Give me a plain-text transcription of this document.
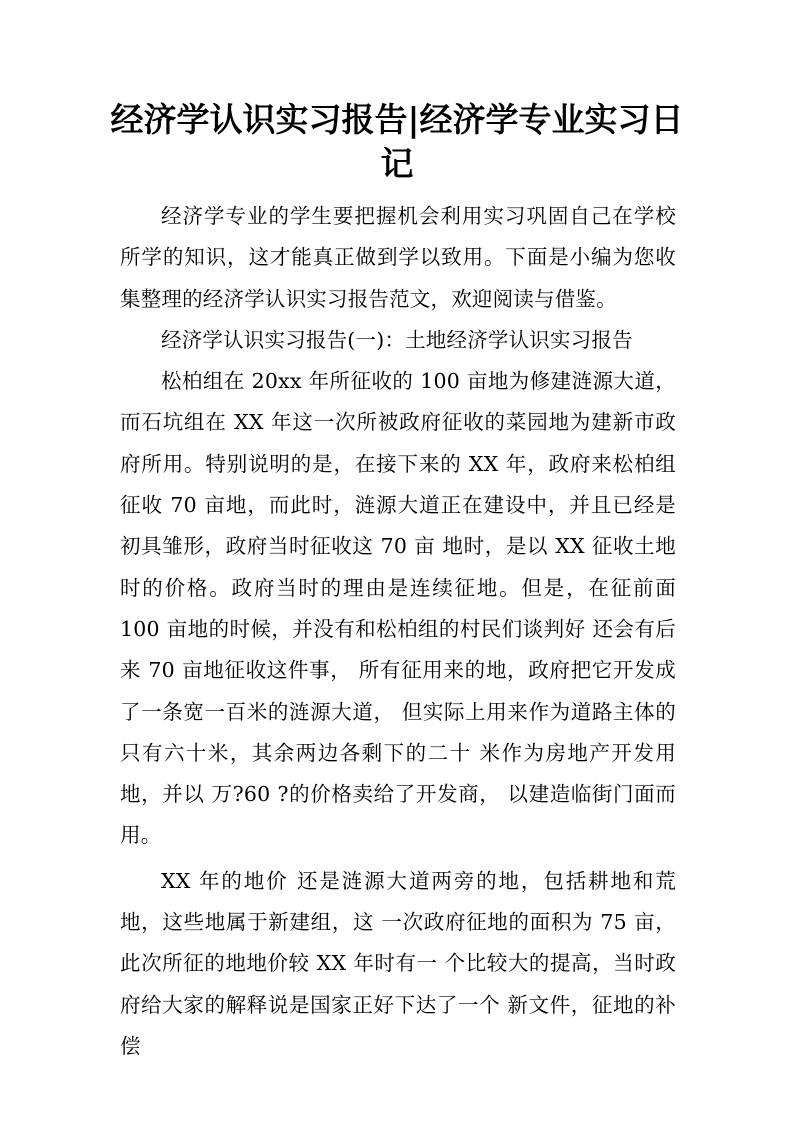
经济学认识实习报告|经济学专业实习日记

经济学专业的学生要把握机会利用实习巩固自己在学校所学的知识，这才能真正做到学以致用。下面是小编为您收集整理的经济学认识实习报告范文，欢迎阅读与借鉴。

经济学认识实习报告(一)：土地经济学认识实习报告

松柏组在 20xx 年所征收的 100 亩地为修建涟源大道，而石坑组在 XX 年这一次所被政府征收的菜园地为建新市政府所用。特别说明的是，在接下来的 XX 年，政府来松柏组征收 70 亩地，而此时，涟源大道正在建设中，并且已经是初具雏形，政府当时征收这 70 亩 地时，是以 XX 征收土地时的价格。政府当时的理由是连续征地。但是，在征前面 100 亩地的时候，并没有和松柏组的村民们谈判好 还会有后来 70 亩地征收这件事， 所有征用来的地，政府把它开发成了一条宽一百米的涟源大道， 但实际上用来作为道路主体的只有六十米，其余两边各剩下的二十 米作为房地产开发用地，并以 万?60 ?的价格卖给了开发商， 以建造临街门面而用。

XX 年的地价 还是涟源大道两旁的地，包括耕地和荒地，这些地属于新建组，这 一次政府征地的面积为 75 亩，此次所征的地地价较 XX 年时有一 个比较大的提高，当时政府给大家的解释说是国家正好下达了一个 新文件，征地的补偿
